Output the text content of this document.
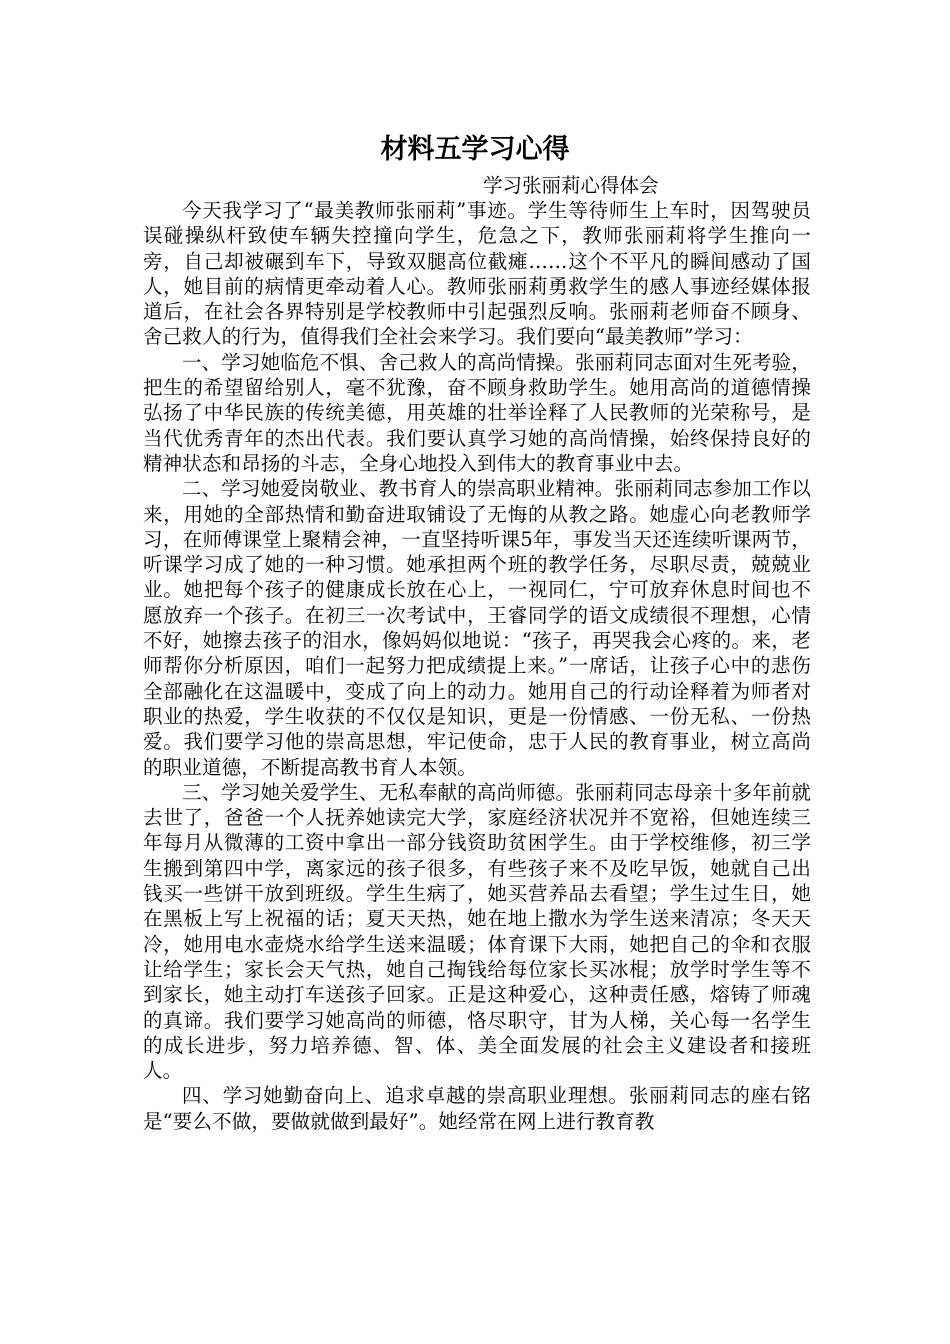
材料五学习心得

学习张丽莉心得体会

今天我学习了“最美教师张丽莉”事迹。学生等待师生上车时，因驾驶员误碰操纵杆致使车辆失控撞向学生，危急之下，教师张丽莉将学生推向一旁，自己却被碾到车下，导致双腿高位截瘫……这个不平凡的瞬间感动了国人，她目前的病情更牵动着人心。教师张丽莉勇救学生的感人事迹经媒体报道后，在社会各界特别是学校教师中引起强烈反响。张丽莉老师奋不顾身、舍己救人的行为，值得我们全社会来学习。我们要向“最美教师”学习：

一、学习她临危不惧、舍己救人的高尚情操。张丽莉同志面对生死考验，把生的希望留给别人，毫不犹豫，奋不顾身救助学生。她用高尚的道德情操弘扬了中华民族的传统美德，用英雄的壮举诠释了人民教师的光荣称号，是当代优秀青年的杰出代表。我们要认真学习她的高尚情操，始终保持良好的精神状态和昂扬的斗志，全身心地投入到伟大的教育事业中去。

二、学习她爱岗敬业、教书育人的崇高职业精神。张丽莉同志参加工作以来，用她的全部热情和勤奋进取铺设了无悔的从教之路。她虚心向老教师学习，在师傅课堂上聚精会神，一直坚持听课5年，事发当天还连续听课两节，听课学习成了她的一种习惯。她承担两个班的教学任务，尽职尽责，兢兢业业。她把每个孩子的健康成长放在心上，一视同仁，宁可放弃休息时间也不愿放弃一个孩子。在初三一次考试中，王睿同学的语文成绩很不理想，心情不好，她擦去孩子的泪水，像妈妈似地说：“孩子，再哭我会心疼的。来，老师帮你分析原因，咱们一起努力把成绩提上来。”一席话，让孩子心中的悲伤全部融化在这温暖中，变成了向上的动力。她用自己的行动诠释着为师者对职业的热爱，学生收获的不仅仅是知识，更是一份情感、一份无私、一份热爱。我们要学习他的崇高思想，牢记使命，忠于人民的教育事业，树立高尚的职业道德，不断提高教书育人本领。

三、学习她关爱学生、无私奉献的高尚师德。张丽莉同志母亲十多年前就去世了，爸爸一个人抚养她读完大学，家庭经济状况并不宽裕，但她连续三年每月从微薄的工资中拿出一部分钱资助贫困学生。由于学校维修，初三学生搬到第四中学，离家远的孩子很多，有些孩子来不及吃早饭，她就自己出钱买一些饼干放到班级。学生生病了，她买营养品去看望；学生过生日，她在黑板上写上祝福的话；夏天天热，她在地上撒水为学生送来清凉；冬天天冷，她用电水壶烧水给学生送来温暖；体育课下大雨，她把自己的伞和衣服让给学生；家长会天气热，她自己掏钱给每位家长买冰棍；放学时学生等不到家长，她主动打车送孩子回家。正是这种爱心，这种责任感，熔铸了师魂的真谛。我们要学习她高尚的师德，恪尽职守，甘为人梯，关心每一名学生的成长进步，努力培养德、智、体、美全面发展的社会主义建设者和接班人。

四、学习她勤奋向上、追求卓越的崇高职业理想。张丽莉同志的座右铭是“要么不做，要做就做到最好”。她经常在网上进行教育教
